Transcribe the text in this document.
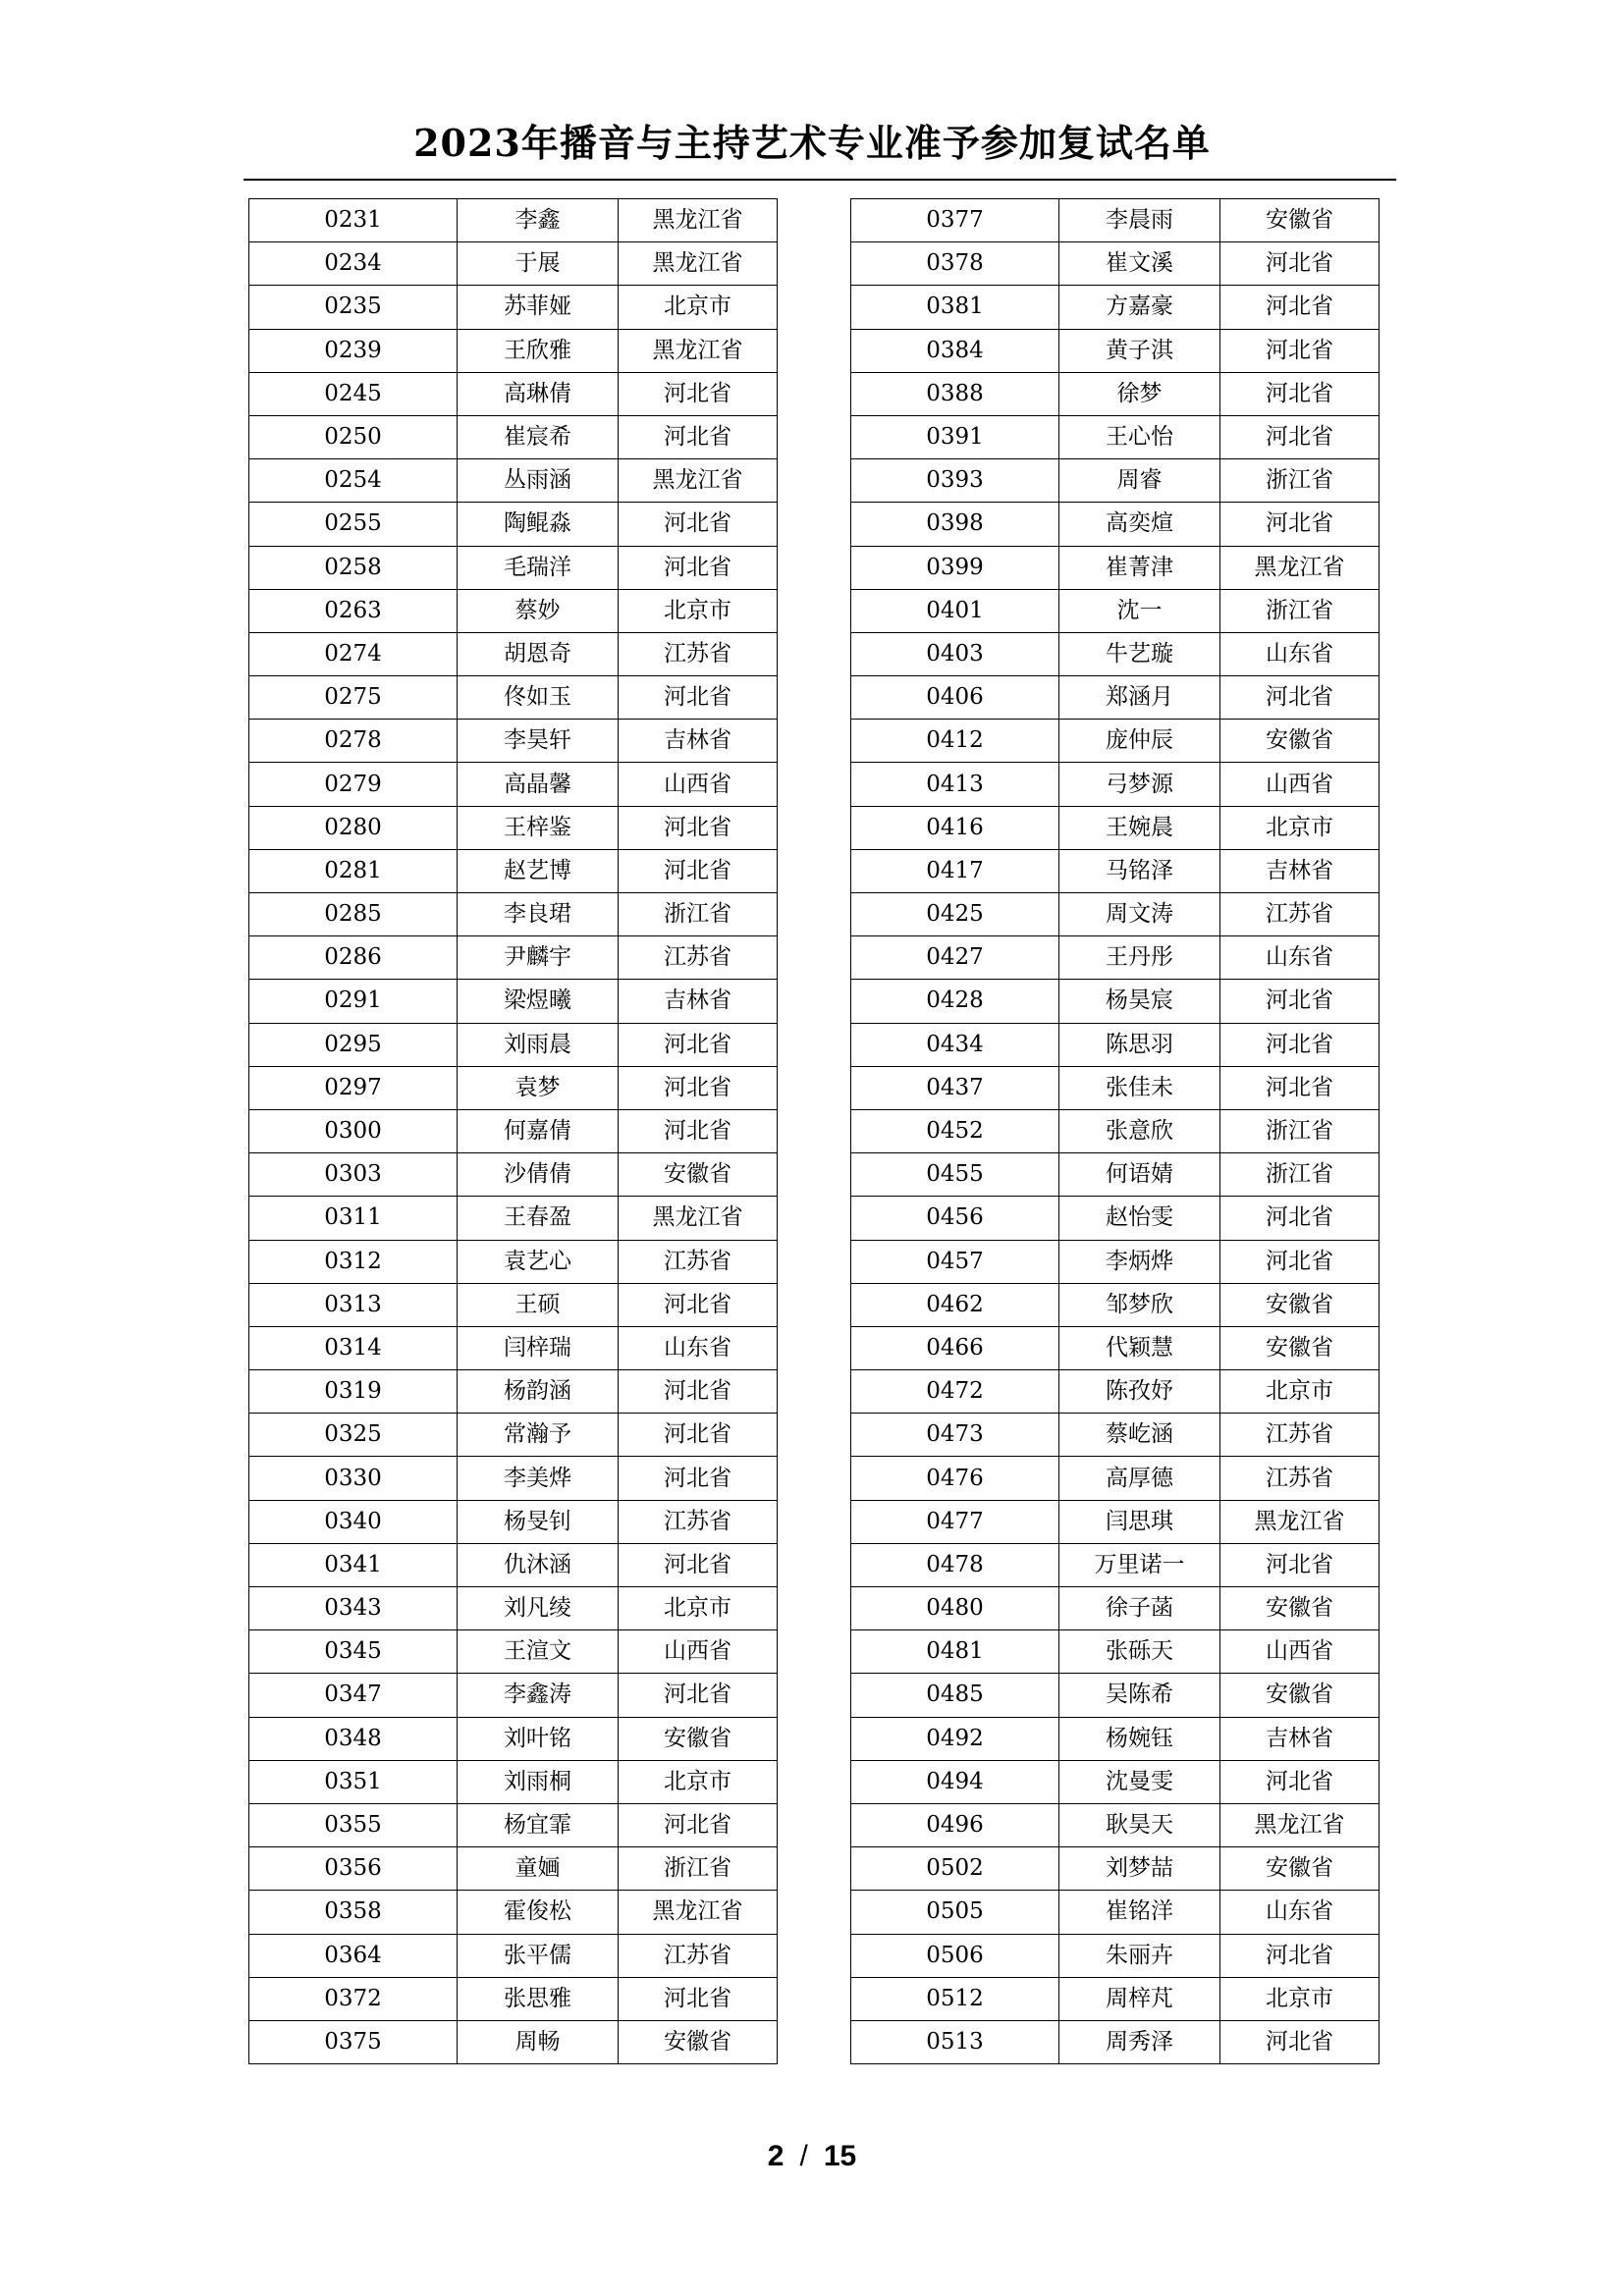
2023年播音与主持艺术专业准予参加复试名单
0231	李鑫	黑龙江省
0234	于展	黑龙江省
0235	苏菲娅	北京市
0239	王欣雅	黑龙江省
0245	高琳倩	河北省
0250	崔宸希	河北省
0254	丛雨涵	黑龙江省
0255	陶鲲淼	河北省
0258	毛瑞洋	河北省
0263	蔡妙	北京市
0274	胡恩奇	江苏省
0275	佟如玉	河北省
0278	李昊轩	吉林省
0279	高晶馨	山西省
0280	王梓鉴	河北省
0281	赵艺博	河北省
0285	李良珺	浙江省
0286	尹麟宇	江苏省
0291	梁煜曦	吉林省
0295	刘雨晨	河北省
0297	袁梦	河北省
0300	何嘉倩	河北省
0303	沙倩倩	安徽省
0311	王春盈	黑龙江省
0312	袁艺心	江苏省
0313	王硕	河北省
0314	闫梓瑞	山东省
0319	杨韵涵	河北省
0325	常瀚予	河北省
0330	李美烨	河北省
0340	杨旻钊	江苏省
0341	仇沐涵	河北省
0343	刘凡绫	北京市
0345	王渲文	山西省
0347	李鑫涛	河北省
0348	刘叶铭	安徽省
0351	刘雨桐	北京市
0355	杨宜霏	河北省
0356	童婳	浙江省
0358	霍俊松	黑龙江省
0364	张平儒	江苏省
0372	张思雅	河北省
0375	周畅	安徽省
0377	李晨雨	安徽省
0378	崔文溪	河北省
0381	方嘉豪	河北省
0384	黄子淇	河北省
0388	徐梦	河北省
0391	王心怡	河北省
0393	周睿	浙江省
0398	高奕煊	河北省
0399	崔菁津	黑龙江省
0401	沈一	浙江省
0403	牛艺璇	山东省
0406	郑涵月	河北省
0412	庞仲辰	安徽省
0413	弓梦源	山西省
0416	王婉晨	北京市
0417	马铭泽	吉林省
0425	周文涛	江苏省
0427	王丹彤	山东省
0428	杨昊宸	河北省
0434	陈思羽	河北省
0437	张佳未	河北省
0452	张意欣	浙江省
0455	何语婧	浙江省
0456	赵怡雯	河北省
0457	李炳烨	河北省
0462	邹梦欣	安徽省
0466	代颖慧	安徽省
0472	陈孜妤	北京市
0473	蔡屹涵	江苏省
0476	高厚德	江苏省
0477	闫思琪	黑龙江省
0478	万里诺一	河北省
0480	徐子菡	安徽省
0481	张砾天	山西省
0485	吴陈希	安徽省
0492	杨婉钰	吉林省
0494	沈曼雯	河北省
0496	耿昊天	黑龙江省
0502	刘梦喆	安徽省
0505	崔铭洋	山东省
0506	朱丽卉	河北省
0512	周梓芃	北京市
0513	周秀泽	河北省
2 / 15
